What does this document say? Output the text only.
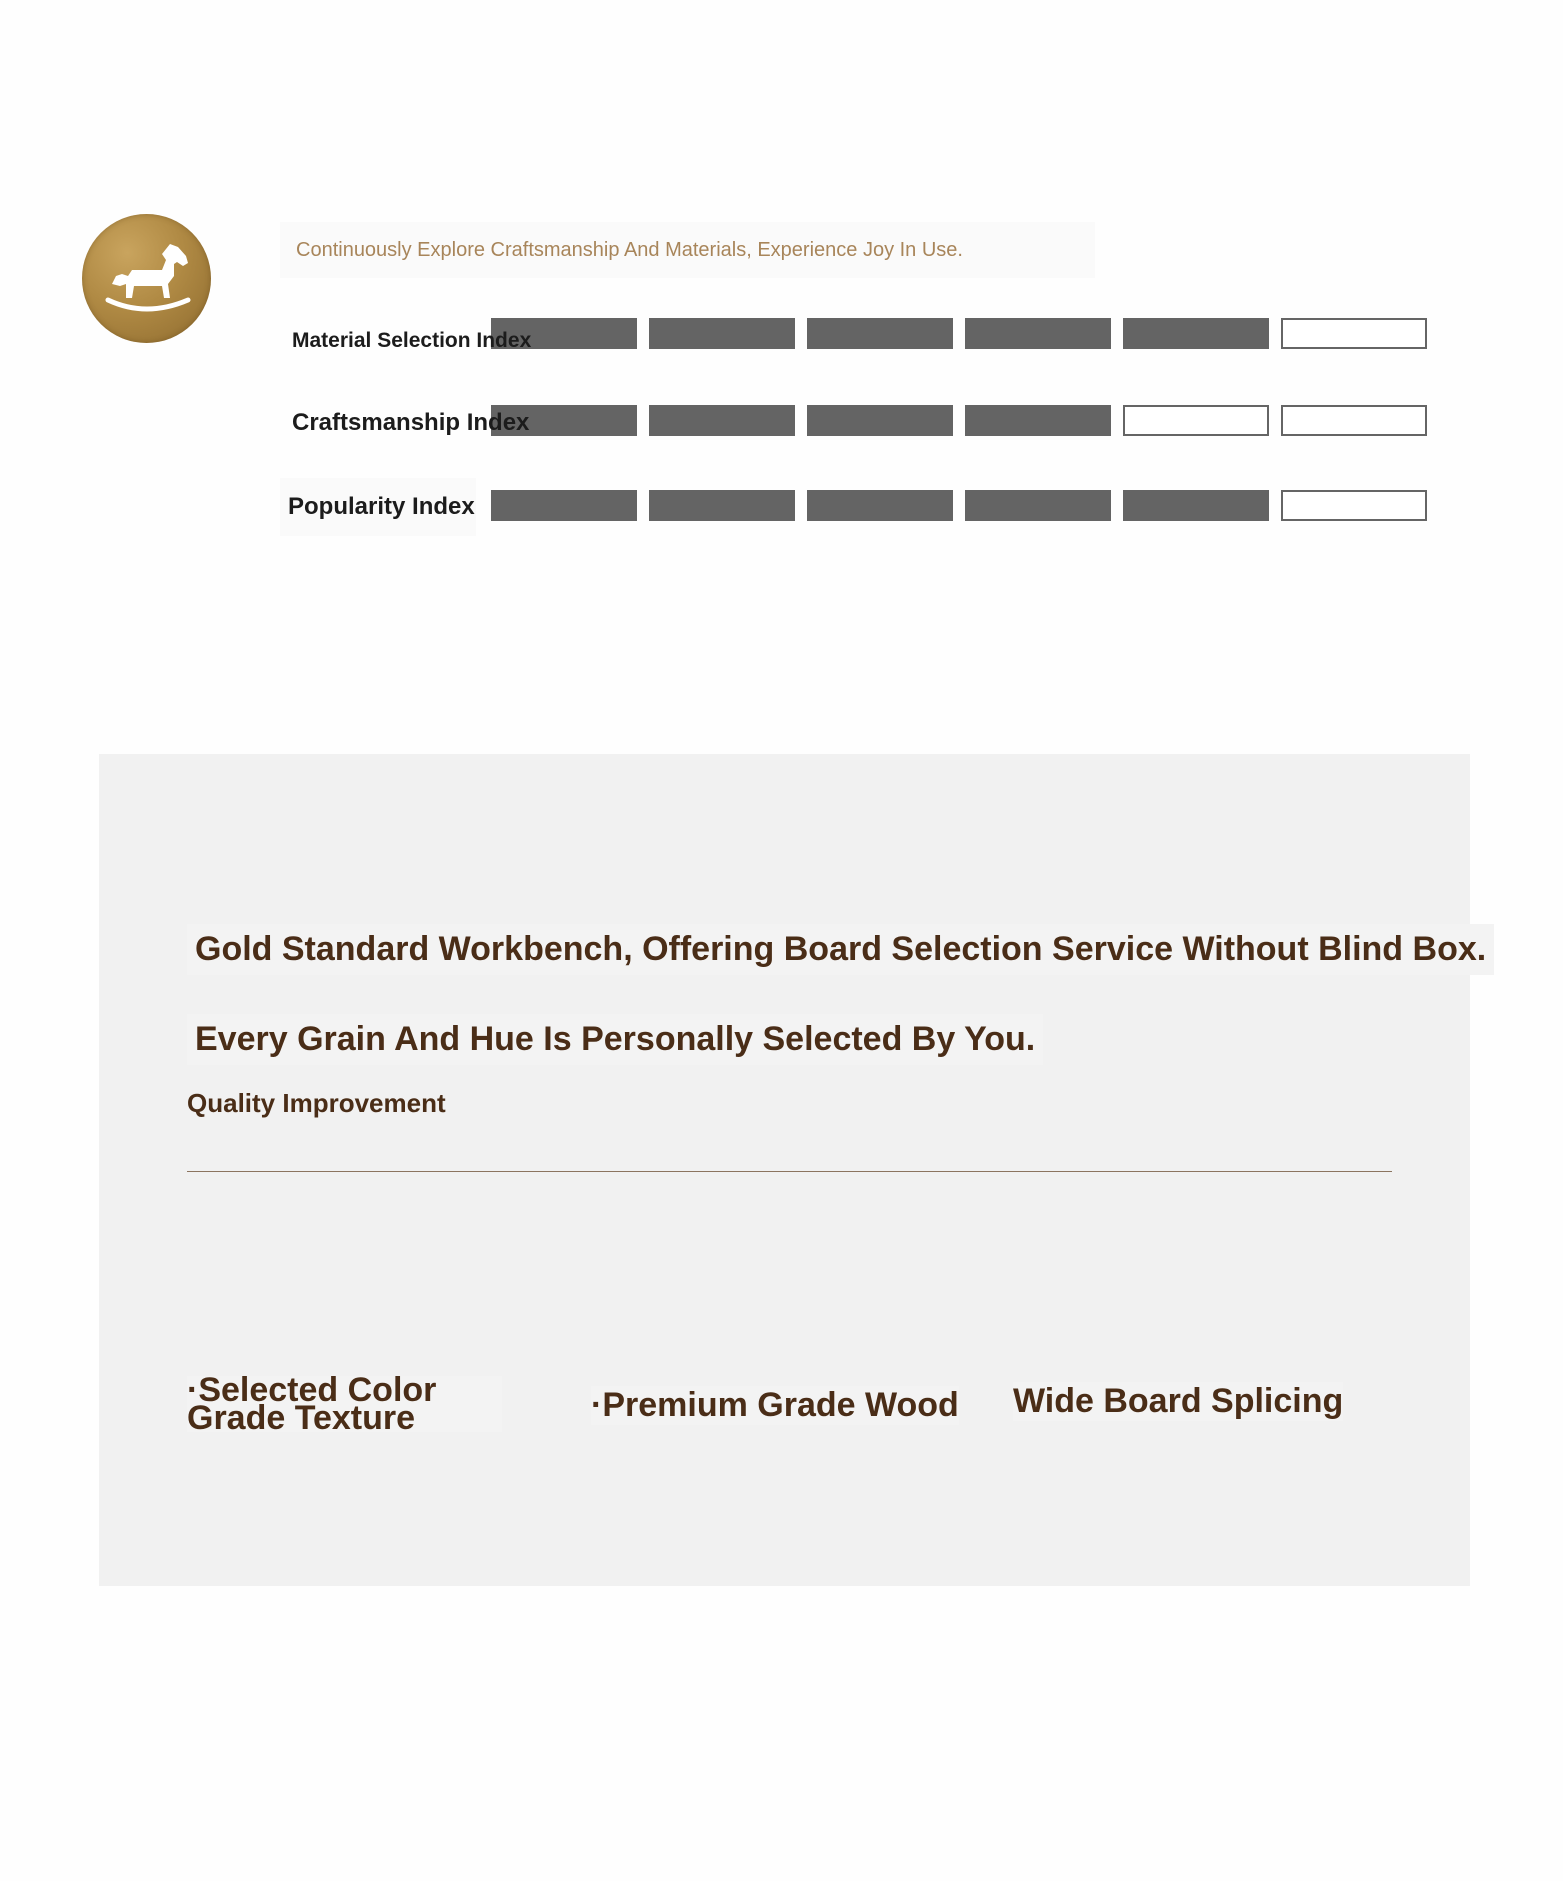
Continuously Explore Craftsmanship And Materials, Experience Joy In Use.
Material Selection Index
Craftsmanship Index
Popularity Index
Gold Standard Workbench, Offering Board Selection Service Without Blind Box.
Every Grain And Hue Is Personally Selected By You.
Quality Improvement
·Selected Color Grade Texture	·Premium Grade Wood Wide Board Splicing
